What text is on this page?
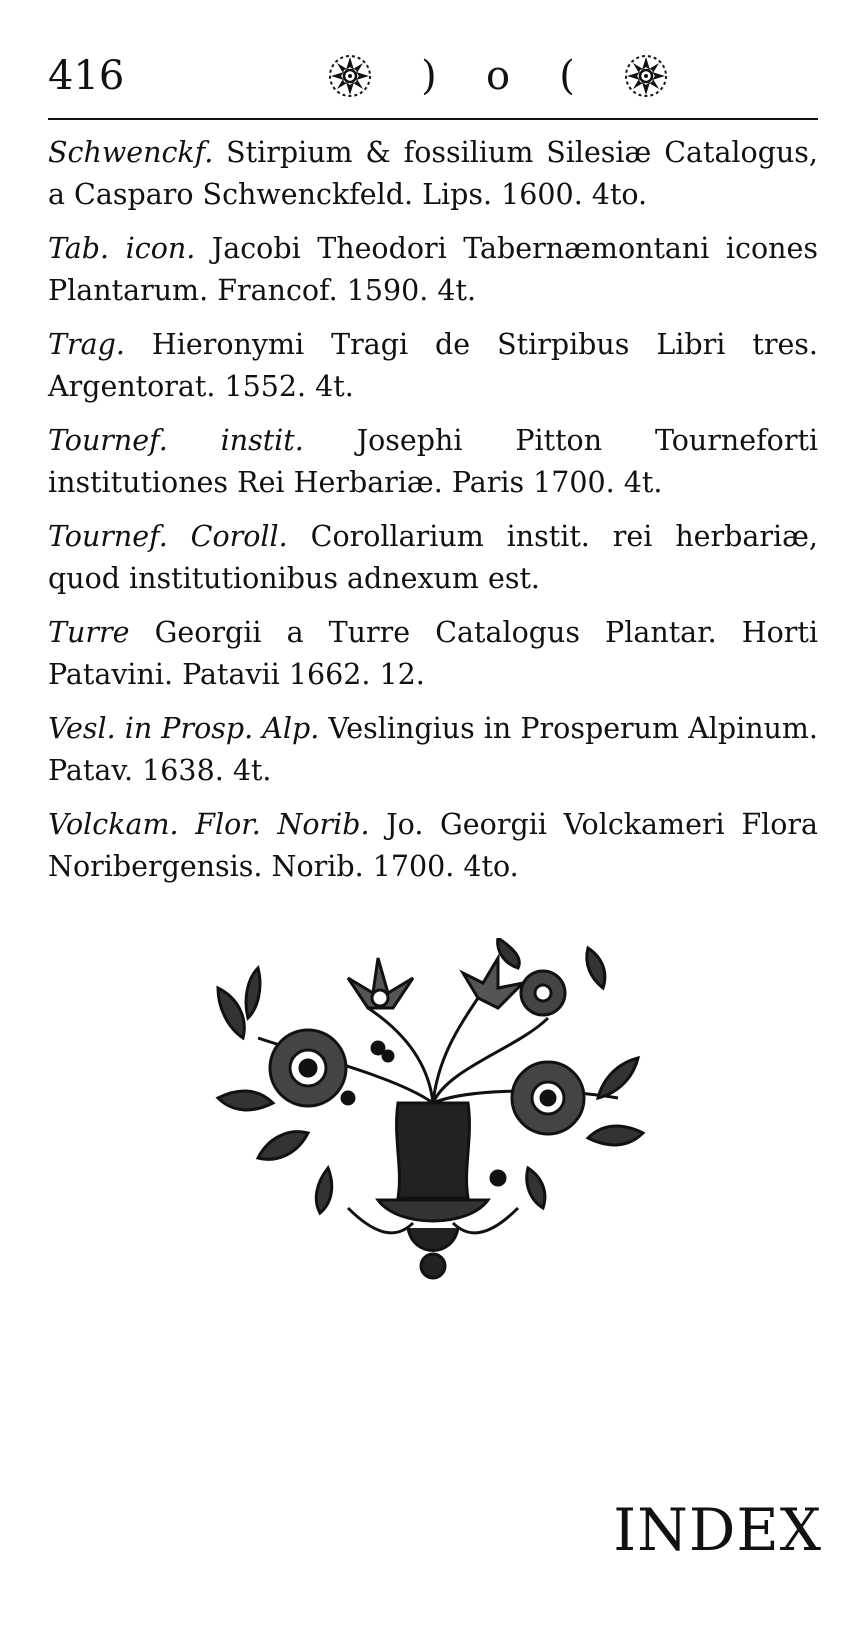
416	) o (

Schwenckf. Stirpium & fossilium Silesiæ Catalogus, a Casparo Schwenckfeld. Lips. 1600. 4to.

Tab. icon. Jacobi Theodori Tabernæmontani icones Plantarum. Francof. 1590. 4t.

Trag. Hieronymi Tragi de Stirpibus Libri tres. Argentorat. 1552. 4t.

Tournef. instit. Josephi Pitton Tourneforti institutiones Rei Herbariæ. Paris 1700. 4t.

Tournef. Coroll. Corollarium instit. rei herbariæ, quod institutionibus adnexum est.

Turre Georgii a Turre Catalogus Plantar. Horti Patavini. Patavii 1662. 12.

Vesl. in Prosp. Alp. Veslingius in Prosperum Alpinum. Patav. 1638. 4t.

Volckam. Flor. Norib. Jo. Georgii Volckameri Flora Noribergensis. Norib. 1700. 4to.

INDEX
